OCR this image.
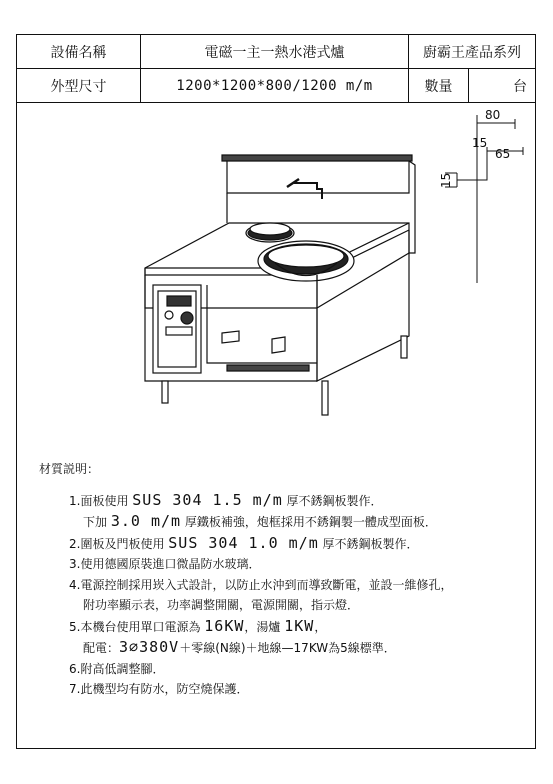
設備名稱	電磁一主一熱水港式爐	廚霸王產品系列
外型尺寸	1200*1200*800/1200 m/m	數量	台
80
15
65
15
材質説明：
1.面板使用 SUS 304 1.5 m/m 厚不銹鋼板製作．
下加 3.0 m/m 厚鐵板補強，炮框採用不銹鋼製一體成型面板．
2.圍板及門板使用 SUS 304 1.0 m/m 厚不銹鋼板製作．
3.使用德國原裝進口微晶防水玻璃．
4.電源控制採用崁入式設計，以防止水沖到而導致斷電，並設一維修孔，
附功率顯示表，功率調整開關，電源開關，指示燈．
5.本機台使用單口電源為 16KW，湯爐 1KW，
配電：3∅380V＋零線(N線)＋地線—17KW為5線標準．
6.附高低調整腳．
7.此機型均有防水，防空燒保護．
